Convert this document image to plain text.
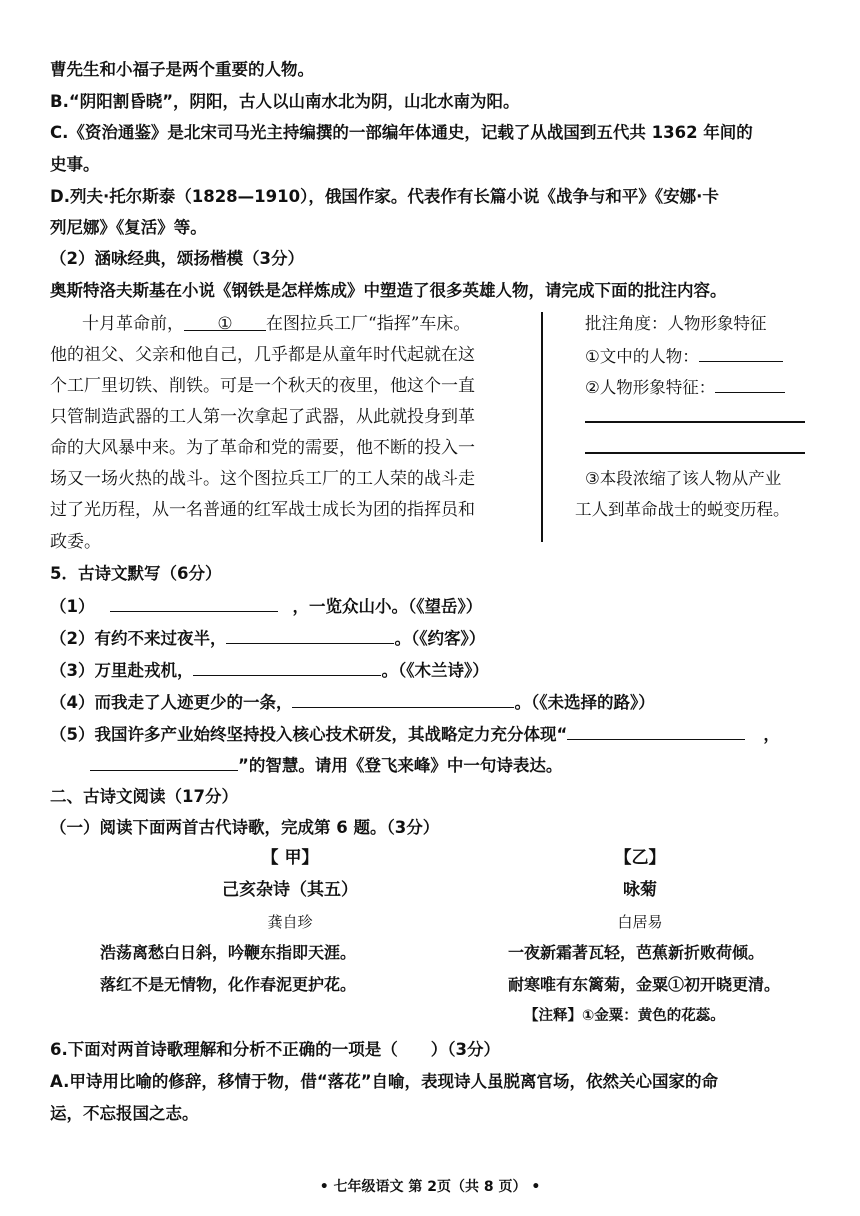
曹先生和小福子是两个重要的人物。
B.“阴阳割昏晓”，阴阳，古人以山南水北为阴，山北水南为阳。
C.《资治通鉴》是北宋司马光主持编撰的一部编年体通史，记载了从战国到五代共 1362 年间的
史事。
D.列夫·托尔斯泰（1828—1910），俄国作家。代表作有长篇小说《战争与和平》《安娜·卡
列尼娜》《复活》等。
（2）涵咏经典，颂扬楷模（3分）
奥斯特洛夫斯基在小说《钢铁是怎样炼成》中塑造了很多英雄人物，请完成下面的批注内容。
十月革命前， ① 在图拉兵工厂“指挥”车床。
他的祖父、父亲和他自己，几乎都是从童年时代起就在这
个工厂里切铁、削铁。可是一个秋天的夜里，他这个一直
只管制造武器的工人第一次拿起了武器，从此就投身到革
命的大风暴中来。为了革命和党的需要，他不断的投入一
场又一场火热的战斗。这个图拉兵工厂的工人荣的战斗走
过了光历程，从一名普通的红军战士成长为团的指挥员和
政委。
批注角度：人物形象特征
①文中的人物：
②人物形象特征：
③本段浓缩了该人物从产业
工人到革命战士的蜕变历程。
5．古诗文默写（6分）
（1）	，一览众山小。（《望岳》）
（2）有约不来过夜半，	。（《约客》）
（3）万里赴戎机，	。（《木兰诗》）
（4）而我走了人迹更少的一条，	。（《未选择的路》）
（5）我国许多产业始终坚持投入核心技术研发，其战略定力充分体现“	，
”的智慧。请用《登飞来峰》中一句诗表达。
二、古诗文阅读（17分）
（一）阅读下面两首古代诗歌，完成第 6 题。（3分）
【 甲】
己亥杂诗（其五）
龚自珍
浩荡离愁白日斜，吟鞭东指即天涯。
落红不是无情物，化作春泥更护花。
【乙】
咏菊
白居易
一夜新霜著瓦轻，芭蕉新折败荷倾。
耐寒唯有东篱菊，金粟①初开晓更清。
【注释】①金粟：黄色的花蕊。
6.下面对两首诗歌理解和分析不正确的一项是（　　）（3分）
A.甲诗用比喻的修辞，移情于物，借“落花”自喻，表现诗人虽脱离官场，依然关心国家的命
运，不忘报国之志。
• 七年级语文 第 2页（共 8 页） •
